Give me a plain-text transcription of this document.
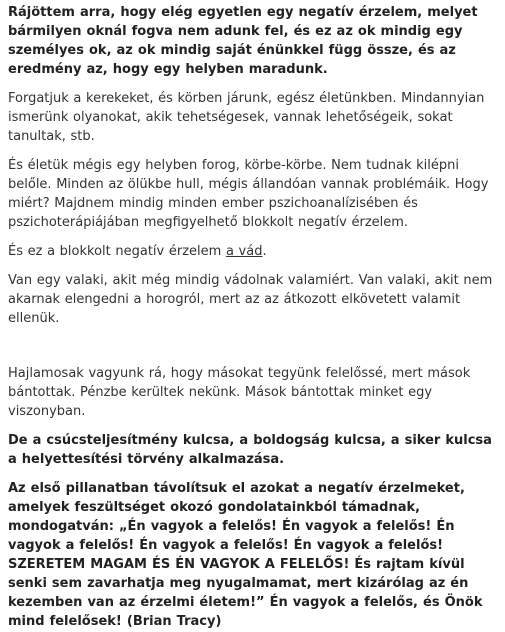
Rájöttem arra, hogy elég egyetlen egy negatív érzelem, melyet bármilyen oknál fogva nem adunk fel, és ez az ok mindig egy személyes ok, az ok mindig saját énünkkel függ össze, és az eredmény az, hogy egy helyben maradunk.

Forgatjuk a kerekeket, és körben járunk, egész életünkben. Mindannyian ismerünk olyanokat, akik tehetségesek, vannak lehetőségeik, sokat tanultak, stb.

És életük mégis egy helyben forog, körbe-körbe. Nem tudnak kilépni belőle. Minden az ölükbe hull, mégis állandóan vannak problémáik. Hogy miért? Majdnem mindig minden ember pszichoanalízisében és pszichoterápiájában megfigyelhető blokkolt negatív érzelem.

És ez a blokkolt negatív érzelem a vád.

Van egy valaki, akit még mindig vádolnak valamiért. Van valaki, akit nem akarnak elengedni a horogról, mert az az átkozott elkövetett valamit ellenük.

Hajlamosak vagyunk rá, hogy másokat tegyünk felelőssé, mert mások bántottak. Pénzbe kerültek nekünk. Mások bántottak minket egy viszonyban.

De a csúcsteljesítmény kulcsa, a boldogság kulcsa, a siker kulcsa a helyettesítési törvény alkalmazása.

Az első pillanatban távolítsuk el azokat a negatív érzelmeket, amelyek feszültséget okozó gondolatainkból támadnak, mondogatván: „Én vagyok a felelős! Én vagyok a felelős! Én vagyok a felelős! Én vagyok a felelős! Én vagyok a felelős! SZERETEM MAGAM ÉS ÉN VAGYOK A FELELŐS! És rajtam kívül senki sem zavarhatja meg nyugalmamat, mert kizárólag az én kezemben van az érzelmi életem!” Én vagyok a felelős, és Önök mind felelősek! (Brian Tracy)
